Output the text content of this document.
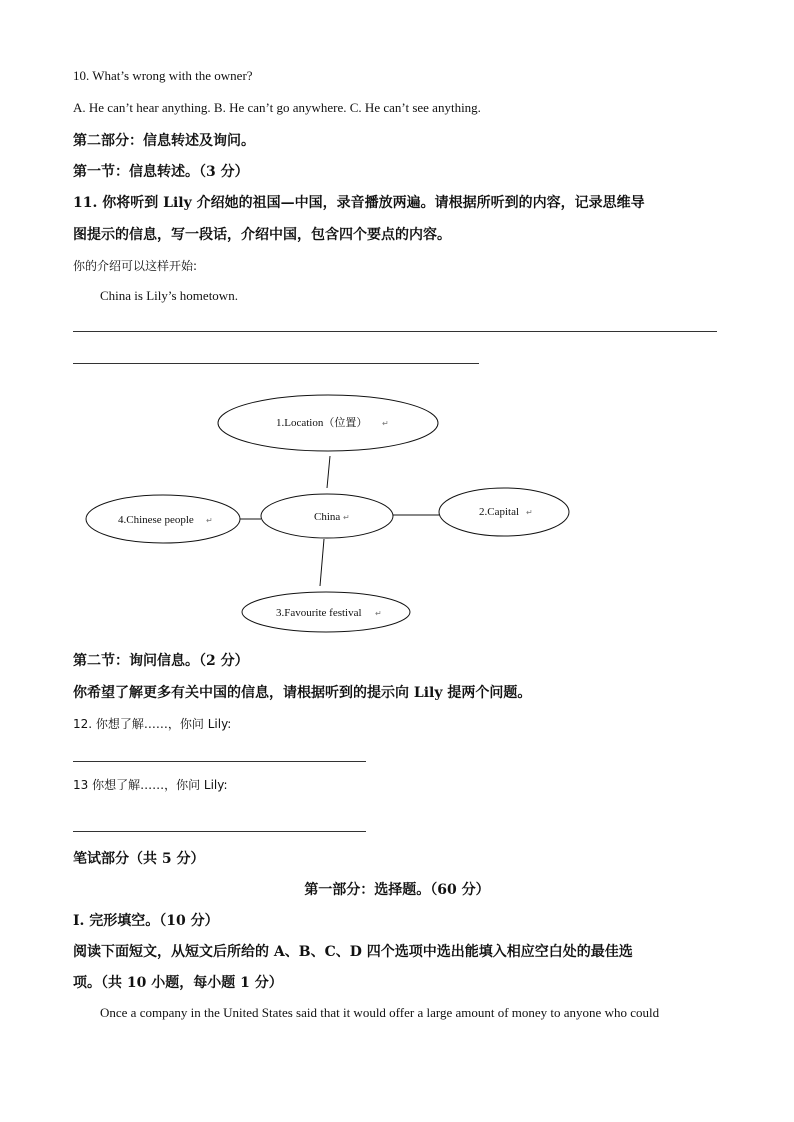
10. What’s wrong with the owner?
A. He can’t hear anything. B. He can’t go anywhere. C. He can’t see anything.
第二部分：信息转述及询问。
第一节：信息转述。（3 分）
11. 你将听到 Lily 介绍她的祖国—中国，录音播放两遍。请根据所听到的内容，记录思维导
图提示的信息，写一段话，介绍中国，包含四个要点的内容。
你的介绍可以这样开始:
China is Lily’s hometown.
1.Location（位置） ↵
China ↵	2.Capital ↵
4.Chinese people ↵
3.Favourite festival ↵
第二节：询问信息。（2 分）
你希望了解更多有关中国的信息，请根据听到的提示向 Lily 提两个问题。
12. 你想了解……，你问 Lily:
13 你想了解……，你问 Lily:
笔试部分（共 5 分）
第一部分：选择题。（60 分）
I. 完形填空。（10 分）
阅读下面短文，从短文后所给的 A、B、C、D 四个选项中选出能填入相应空白处的最佳选
项。（共 10 小题，每小题 1 分）
Once a company in the United States said that it would offer a large amount of money to anyone who could
